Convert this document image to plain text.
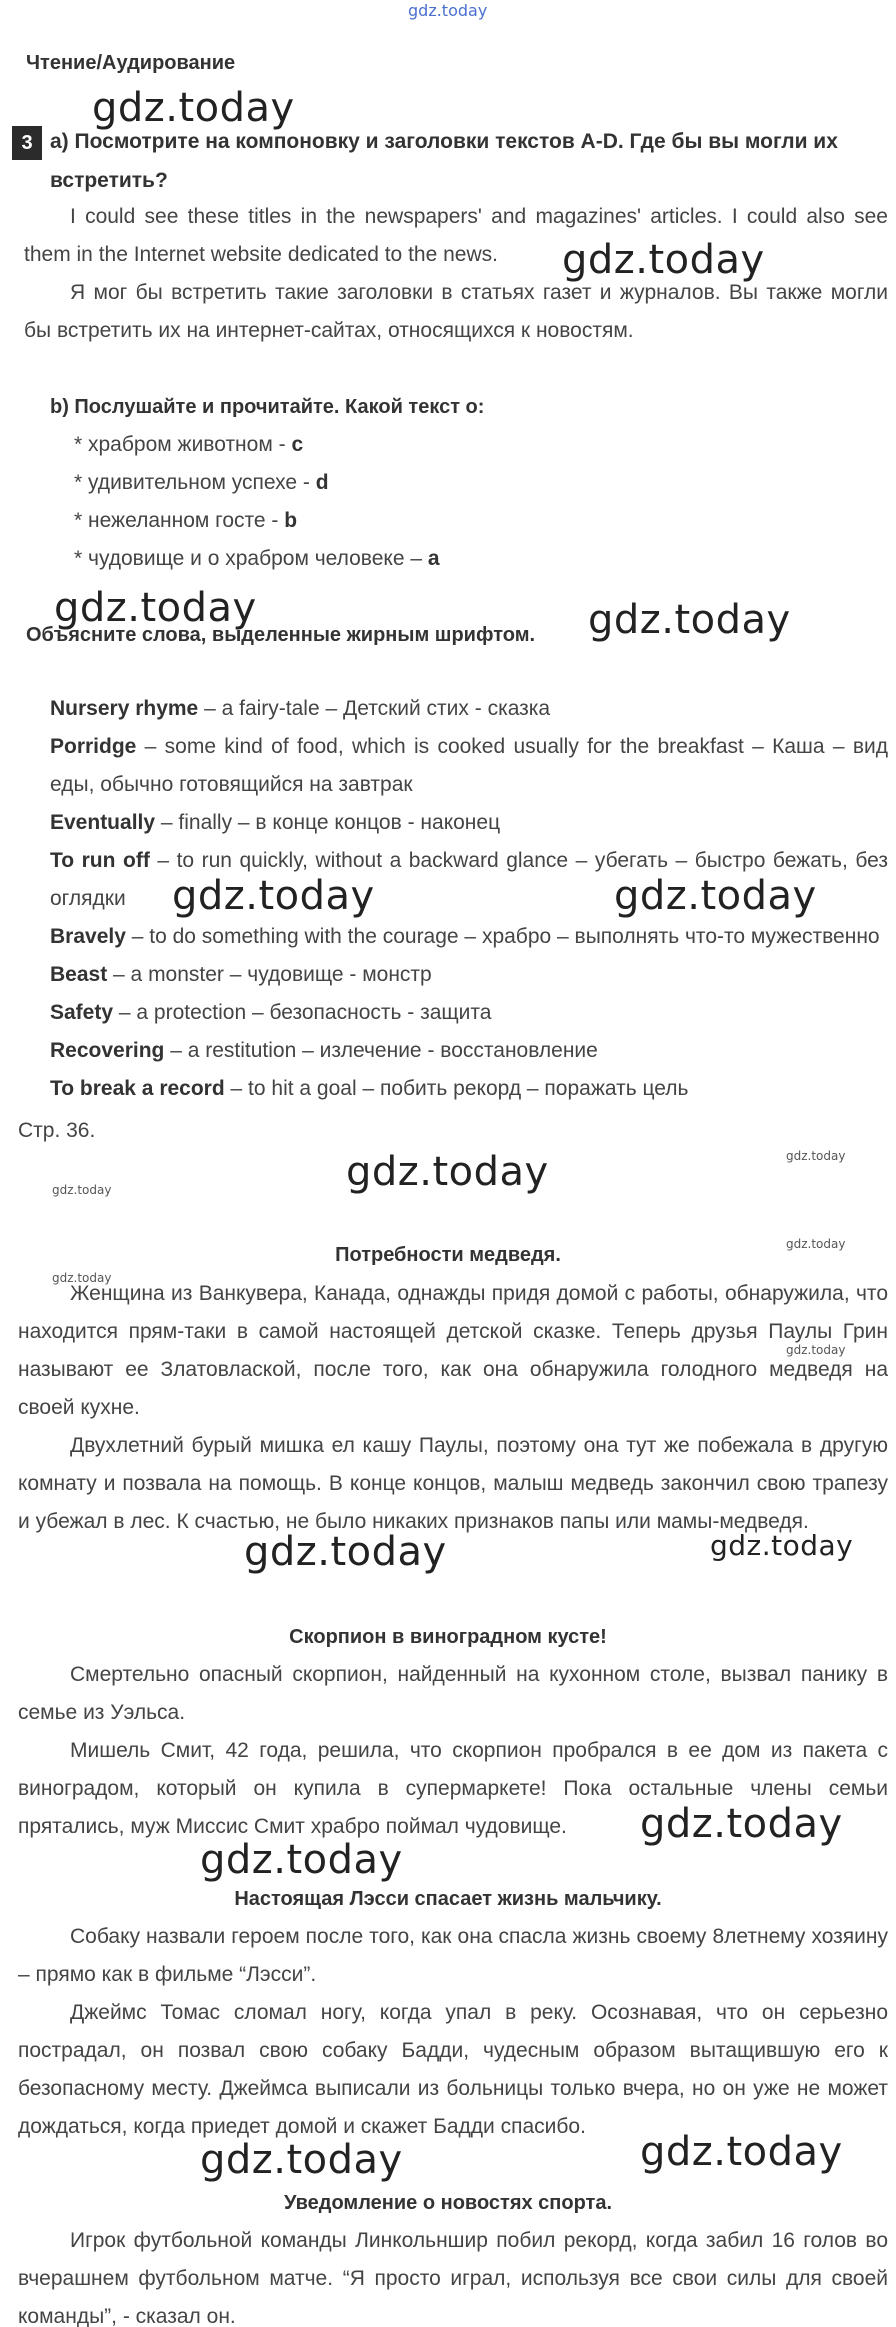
gdz.today
Чтение/Аудирование
3 a) Посмотрите на компоновку и заголовки текстов A-D. Где бы вы могли их встретить?
I could see these titles in the newspapers' and magazines' articles. I could also see them in the Internet website dedicated to the news.
Я мог бы встретить такие заголовки в статьях газет и журналов. Вы также могли бы встретить их на интернет-сайтах, относящихся к новостям.
b) Послушайте и прочитайте. Какой текст о:
* храбром животном - c
* удивительном успехе - d
* нежеланном госте - b
* чудовище и о храбром человеке – a
Объясните слова, выделенные жирным шрифтом.
Nursery rhyme – a fairy-tale – Детский стих - сказка
Porridge – some kind of food, which is cooked usually for the breakfast – Каша – вид еды, обычно готовящийся на завтрак
Eventually – finally – в конце концов - наконец
To run off – to run quickly, without a backward glance – убегать – быстро бежать, без оглядки
Bravely – to do something with the courage – храбро – выполнять что-то мужественно
Beast – a monster – чудовище - монстр
Safety – a protection – безопасность - защита
Recovering – a restitution – излечение - восстановление
To break a record – to hit a goal – побить рекорд – поражать цель
Стр. 36.
Потребности медведя.
Женщина из Ванкувера, Канада, однажды придя домой с работы, обнаружила, что находится прям-таки в самой настоящей детской сказке. Теперь друзья Паулы Грин называют ее Златовлаской, после того, как она обнаружила голодного медведя на своей кухне.
Двухлетний бурый мишка ел кашу Паулы, поэтому она тут же побежала в другую комнату и позвала на помощь. В конце концов, малыш медведь закончил свою трапезу и убежал в лес. К счастью, не было никаких признаков папы или мамы-медведя.
Скорпион в виноградном кусте!
Смертельно опасный скорпион, найденный на кухонном столе, вызвал панику в семье из Уэльса.
Мишель Смит, 42 года, решила, что скорпион пробрался в ее дом из пакета с виноградом, который он купила в супермаркете! Пока остальные члены семьи прятались, муж Миссис Смит храбро поймал чудовище.
Настоящая Лэсси спасает жизнь мальчику.
Собаку назвали героем после того, как она спасла жизнь своему 8летнему хозяину – прямо как в фильме “Лэсси”.
Джеймс Томас сломал ногу, когда упал в реку. Осознавая, что он серьезно пострадал, он позвал свою собаку Бадди, чудесным образом вытащившую его к безопасному месту. Джеймса выписали из больницы только вчера, но он уже не может дождаться, когда приедет домой и скажет Бадди спасибо.
Уведомление о новостях спорта.
Игрок футбольной команды Линкольншир побил рекорд, когда забил 16 голов во вчерашнем футбольном матче. “Я просто играл, используя все свои силы для своей команды”, - сказал он.
gdz.today
gdz.today
gdz.today	gdz.today
gdz.today	gdz.today
gdz.today
gdz.today
gdz.today
gdz.today
gdz.today	gdz.today
gdz.today
gdz.today
gdz.today
gdz.today
gdz.today
gdz.today
